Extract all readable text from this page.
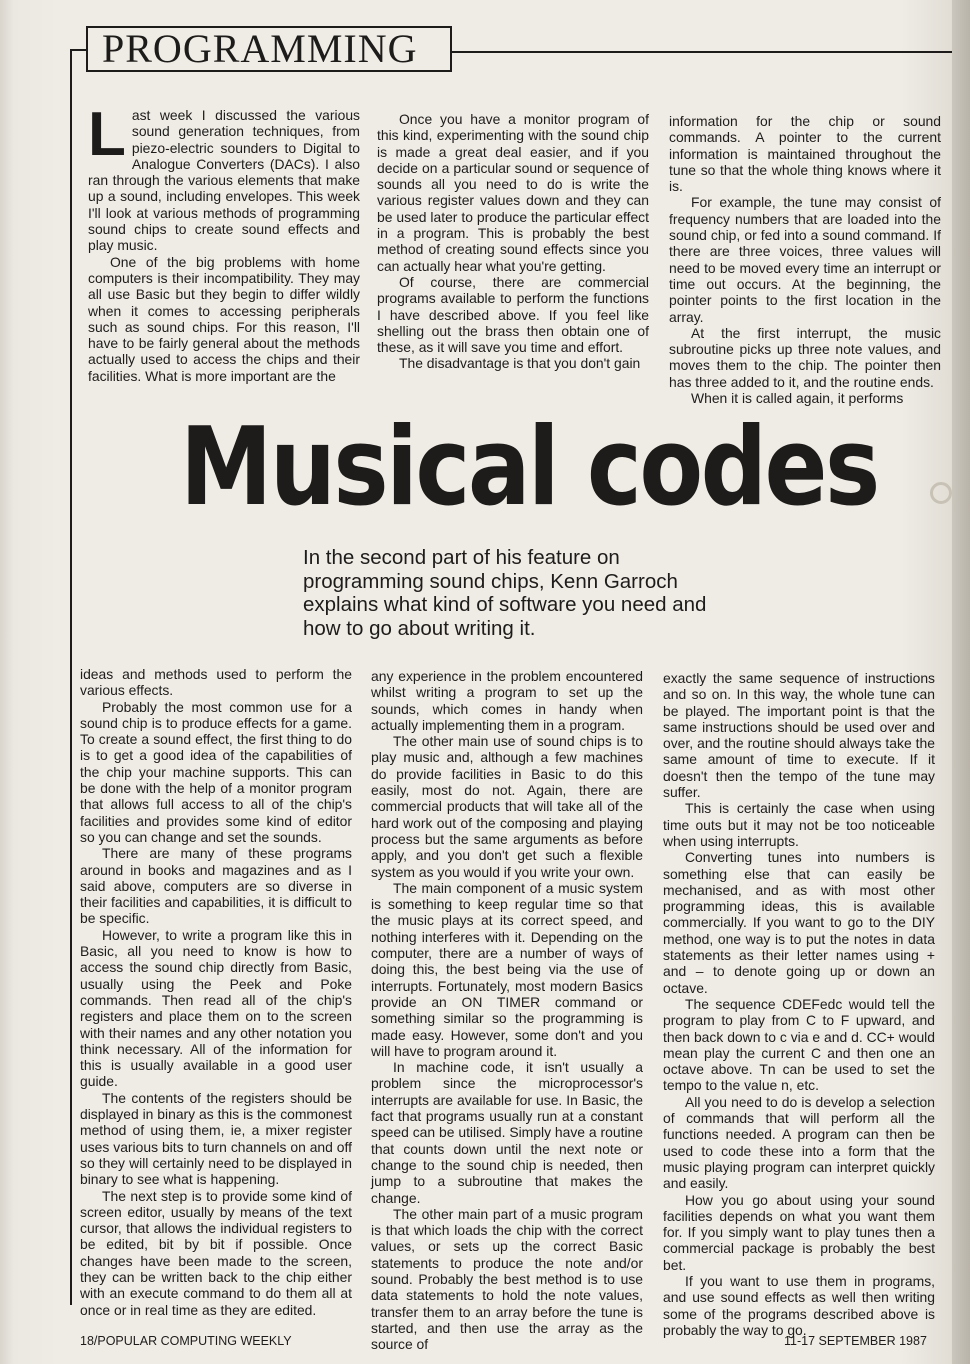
PROGRAMMING
L ast week I discussed the various sound generation techniques, from piezo-electric sounders to Digital to Analogue Converters (DACs). I also ran through the various elements that make up a sound, including envelopes. This week I'll look at various methods of programming sound chips to create sound effects and play music.

One of the big problems with home computers is their incompatibility. They may all use Basic but they begin to differ wildly when it comes to accessing peripherals such as sound chips. For this reason, I'll have to be fairly general about the methods actually used to access the chips and their facilities. What is more important are the

Once you have a monitor program of this kind, experimenting with the sound chip is made a great deal easier, and if you decide on a particular sound or sequence of sounds all you need to do is write the various register values down and they can be used later to produce the particular effect in a program. This is probably the best method of creating sound effects since you can actually hear what you're getting.

Of course, there are commercial programs available to perform the functions I have described above. If you feel like shelling out the brass then obtain one of these, as it will save you time and effort.

The disadvantage is that you don't gain

information for the chip or sound commands. A pointer to the current information is maintained throughout the tune so that the whole thing knows where it is.

For example, the tune may consist of frequency numbers that are loaded into the sound chip, or fed into a sound command. If there are three voices, three values will need to be moved every time an interrupt or time out occurs. At the beginning, the pointer points to the first location in the array.

At the first interrupt, the music subroutine picks up three note values, and moves them to the chip. The pointer then has three added to it, and the routine ends.

When it is called again, it performs

Musical codes
In the second part of his feature on programming sound chips, Kenn Garroch explains what kind of software you need and how to go about writing it.

ideas and methods used to perform the various effects.

Probably the most common use for a sound chip is to produce effects for a game. To create a sound effect, the first thing to do is to get a good idea of the capabilities of the chip your machine supports. This can be done with the help of a monitor program that allows full access to all of the chip's facilities and provides some kind of editor so you can change and set the sounds.

There are many of these programs around in books and magazines and as I said above, computers are so diverse in their facilities and capabilities, it is difficult to be specific.

However, to write a program like this in Basic, all you need to know is how to access the sound chip directly from Basic, usually using the Peek and Poke commands. Then read all of the chip's registers and place them on to the screen with their names and any other notation you think necessary. All of the information for this is usually available in a good user guide.

The contents of the registers should be displayed in binary as this is the commonest method of using them, ie, a mixer register uses various bits to turn channels on and off so they will certainly need to be displayed in binary to see what is happening.

The next step is to provide some kind of screen editor, usually by means of the text cursor, that allows the individual registers to be edited, bit by bit if possible. Once changes have been made to the screen, they can be written back to the chip either with an execute command to do them all at once or in real time as they are edited.

any experience in the problem encountered whilst writing a program to set up the sounds, which comes in handy when actually implementing them in a program.

The other main use of sound chips is to play music and, although a few machines do provide facilities in Basic to do this easily, most do not. Again, there are commercial products that will take all of the hard work out of the composing and playing process but the same arguments as before apply, and you don't get such a flexible system as you would if you write your own.

The main component of a music system is something to keep regular time so that the music plays at its correct speed, and nothing interferes with it. Depending on the computer, there are a number of ways of doing this, the best being via the use of interrupts. Fortunately, most modern Basics provide an ON TIMER command or something similar so the programming is made easy. However, some don't and you will have to program around it.

In machine code, it isn't usually a problem since the microprocessor's interrupts are available for use. In Basic, the fact that programs usually run at a constant speed can be utilised. Simply have a routine that counts down until the next note or change to the sound chip is needed, then jump to a subroutine that makes the change.

The other main part of a music program is that which loads the chip with the correct values, or sets up the correct Basic statements to produce the note and/or sound. Probably the best method is to use data statements to hold the note values, transfer them to an array before the tune is started, and then use the array as the source of

exactly the same sequence of instructions and so on. In this way, the whole tune can be played. The important point is that the same instructions should be used over and over, and the routine should always take the same amount of time to execute. If it doesn't then the tempo of the tune may suffer.

This is certainly the case when using time outs but it may not be too noticeable when using interrupts.

Converting tunes into numbers is something else that can easily be mechanised, and as with most other programming ideas, this is available commercially. If you want to go to the DIY method, one way is to put the notes in data statements as their letter names using + and – to denote going up or down an octave.

The sequence CDEFedc would tell the program to play from C to F upward, and then back down to c via e and d. CC+ would mean play the current C and then one an octave above. Tn can be used to set the tempo to the value n, etc.

All you need to do is develop a selection of commands that will perform all the functions needed. A program can then be used to code these into a form that the music playing program can interpret quickly and easily.

How you go about using your sound facilities depends on what you want them for. If you simply want to play tunes then a commercial package is probably the best bet.

If you want to use them in programs, and use sound effects as well then writing some of the programs described above is probably the way to go.

18/POPULAR COMPUTING WEEKLY	11-17 SEPTEMBER 1987
